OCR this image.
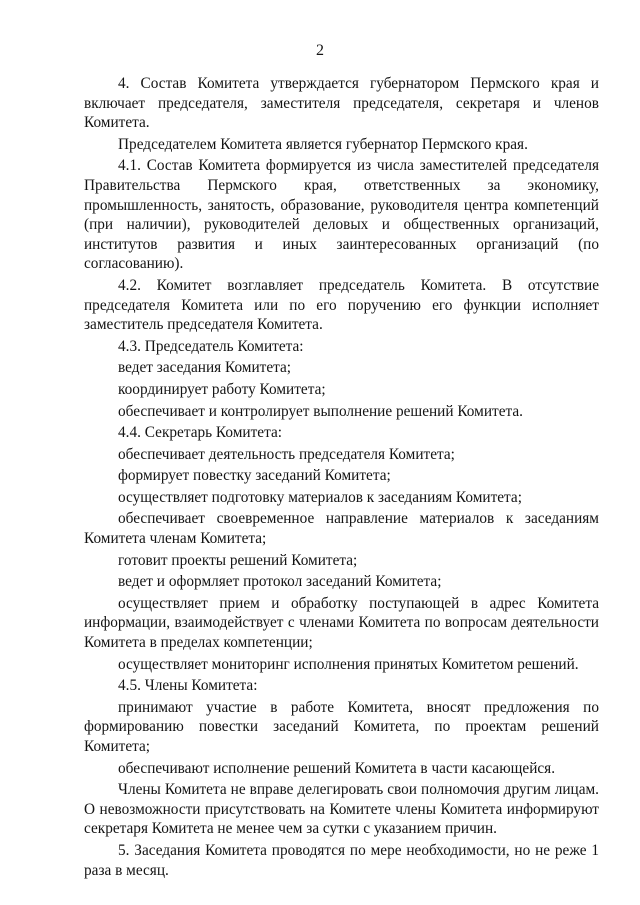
2

4. Состав Комитета утверждается губернатором Пермского края и включает председателя, заместителя председателя, секретаря и членов Комитета.

Председателем Комитета является губернатор Пермского края.

4.1. Состав Комитета формируется из числа заместителей председателя Правительства Пермского края, ответственных за экономику, промышленность, занятость, образование, руководителя центра компетенций (при наличии), руководителей деловых и общественных организаций, институтов развития и иных заинтересованных организаций (по согласованию).

4.2. Комитет возглавляет председатель Комитета. В отсутствие председателя Комитета или по его поручению его функции исполняет заместитель председателя Комитета.

4.3. Председатель Комитета:

ведет заседания Комитета;

координирует работу Комитета;

обеспечивает и контролирует выполнение решений Комитета.

4.4. Секретарь Комитета:

обеспечивает деятельность председателя Комитета;

формирует повестку заседаний Комитета;

осуществляет подготовку материалов к заседаниям Комитета;

обеспечивает своевременное направление материалов к заседаниям Комитета членам Комитета;

готовит проекты решений Комитета;

ведет и оформляет протокол заседаний Комитета;

осуществляет прием и обработку поступающей в адрес Комитета информации, взаимодействует с членами Комитета по вопросам деятельности Комитета в пределах компетенции;

осуществляет мониторинг исполнения принятых Комитетом решений.

4.5. Члены Комитета:

принимают участие в работе Комитета, вносят предложения по формированию повестки заседаний Комитета, по проектам решений Комитета;

обеспечивают исполнение решений Комитета в части касающейся.

Члены Комитета не вправе делегировать свои полномочия другим лицам. О невозможности присутствовать на Комитете члены Комитета информируют секретаря Комитета не менее чем за сутки с указанием причин.

5. Заседания Комитета проводятся по мере необходимости, но не реже 1 раза в месяц.
